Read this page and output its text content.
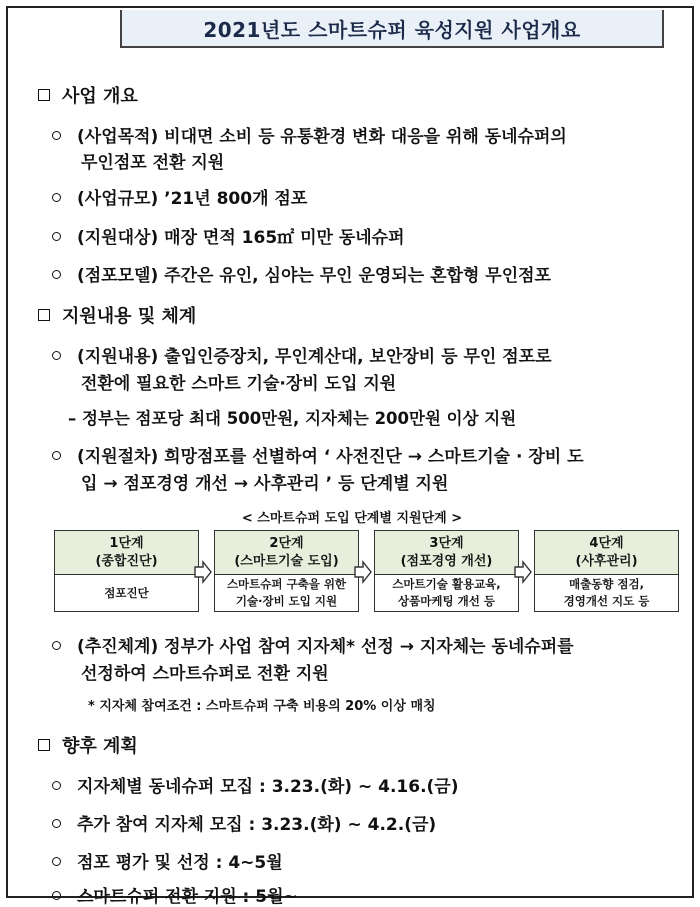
2021년도 스마트슈퍼 육성지원 사업개요
사업 개요
(사업목적) 비대면 소비 등 유통환경 변화 대응을 위해 동네슈퍼의
무인점포 전환 지원
(사업규모) ’21년 800개 점포
(지원대상) 매장 면적 165㎡ 미만 동네슈퍼
(점포모델) 주간은 유인, 심야는 무인 운영되는 혼합형 무인점포
지원내용 및 체계
(지원내용) 출입인증장치, 무인계산대, 보안장비 등 무인 점포로
전환에 필요한 스마트 기술·장비 도입 지원
– 정부는 점포당 최대 500만원, 지자체는 200만원 이상 지원
(지원절차) 희망점포를 선별하여 ‘ 사전진단 → 스마트기술 · 장비 도
입 → 점포경영 개선 → 사후관리 ’ 등 단계별 지원
< 스마트슈퍼 도입 단계별 지원단계 >
1단계
(종합진단)
점포진단
2단계
(스마트기술 도입)
스마트슈퍼 구축을 위한
기술·장비 도입 지원
3단계
(점포경영 개선)
스마트기술 활용교육,
상품마케팅 개선 등
4단계
(사후관리)
매출동향 점검,
경영개선 지도 등
(추진체계) 정부가 사업 참여 지자체* 선정 → 지자체는 동네슈퍼를
선정하여 스마트슈퍼로 전환 지원
* 지자체 참여조건 : 스마트슈퍼 구축 비용의 20% 이상 매칭
향후 계획
지자체별 동네슈퍼 모집 : 3.23.(화) ~ 4.16.(금)
추가 참여 지자체 모집 : 3.23.(화) ~ 4.2.(금)
점포 평가 및 선정 : 4~5월
스마트슈퍼 전환 지원 : 5월~
